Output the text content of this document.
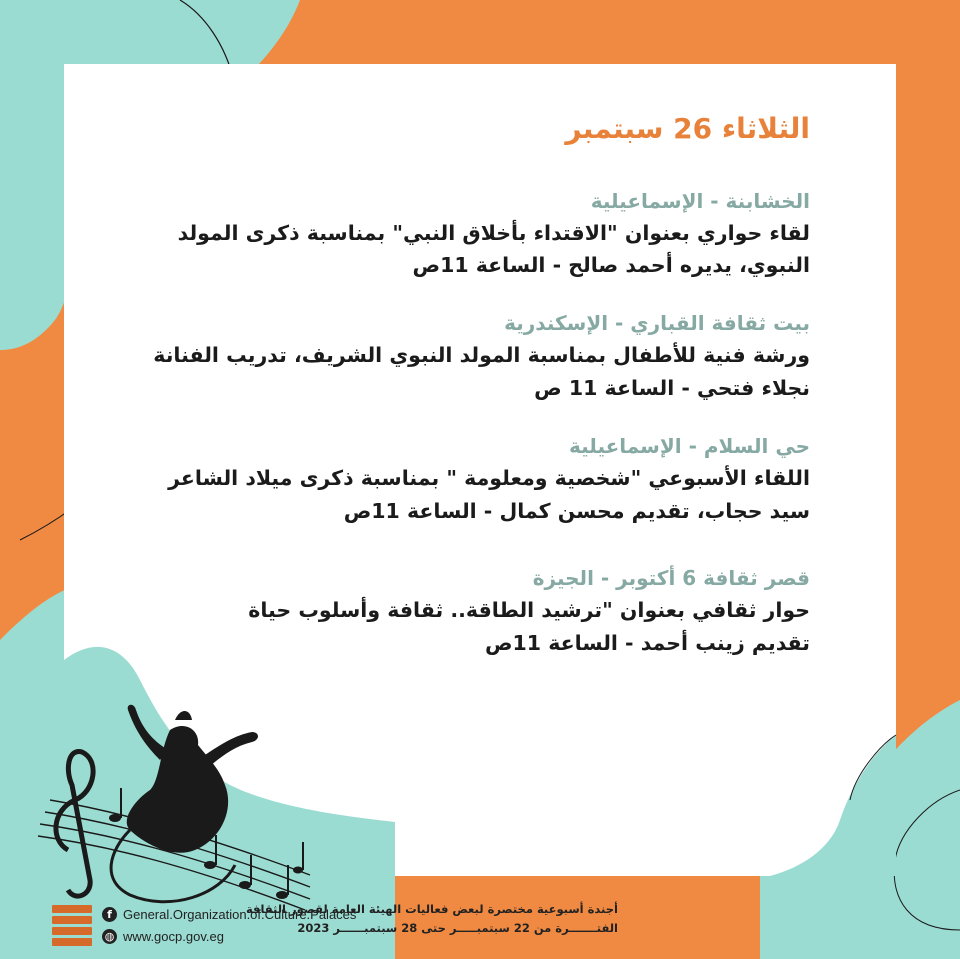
الثلاثاء 26 سبتمبر
الخشابنة - الإسماعيلية
لقاء حواري بعنوان "الاقتداء بأخلاق النبي" بمناسبة ذكرى المولد
النبوي، يديره أحمد صالح - الساعة 11ص
بيت ثقافة القباري - الإسكندرية
ورشة فنية للأطفال بمناسبة المولد النبوي الشريف، تدريب الفنانة
نجلاء فتحي - الساعة 11 ص
حي السلام - الإسماعيلية
اللقاء الأسبوعي "شخصية ومعلومة " بمناسبة ذكرى ميلاد الشاعر
سيد حجاب، تقديم محسن كمال - الساعة 11ص
قصر ثقافة 6 أكتوبر - الجيزة
حوار ثقافي بعنوان "ترشيد الطاقة.. ثقافة وأسلوب حياة
تقديم زينب أحمد - الساعة 11ص
أجندة أسبوعية مختصرة لبعض فعاليات الهيئة العامة لقصور الثقافة
الفتـــــــرة من 22 سبتمبـــــر حتى 28 سبتمبــــــر 2023
f General.Organization.of.Culture.Palaces
◍ www.gocp.gov.eg
